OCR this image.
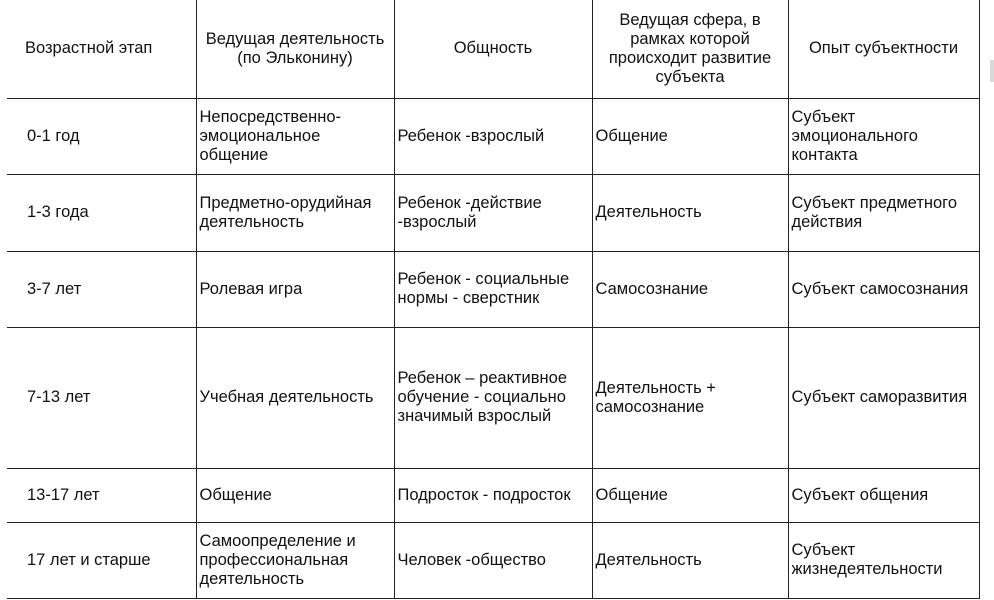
Возрастной этап	Ведущая деятельность (по Эльконину)	Общность	Ведущая сфера, в рамках которой происходит развитие субъекта	Опыт субъектности
0-1 год	Непосредственно-эмоциональное общение	Ребенок -взрослый	Общение	Субъект эмоционального контакта
1-3 года	Предметно-орудийная деятельность	Ребенок -действие -взрослый	Деятельность	Субъект предметного действия
3-7 лет	Ролевая игра	Ребенок - социальные нормы - сверстник	Самосознание	Субъект самосознания
7-13 лет	Учебная деятельность	Ребенок – реактивное обучение - социально значимый взрослый	Деятельность + самосознание	Субъект саморазвития
13-17 лет	Общение	Подросток - подросток	Общение	Субъект общения
17 лет и старше	Самоопределение и профессиональная деятельность	Человек -общество	Деятельность	Субъект жизнедеятельности
